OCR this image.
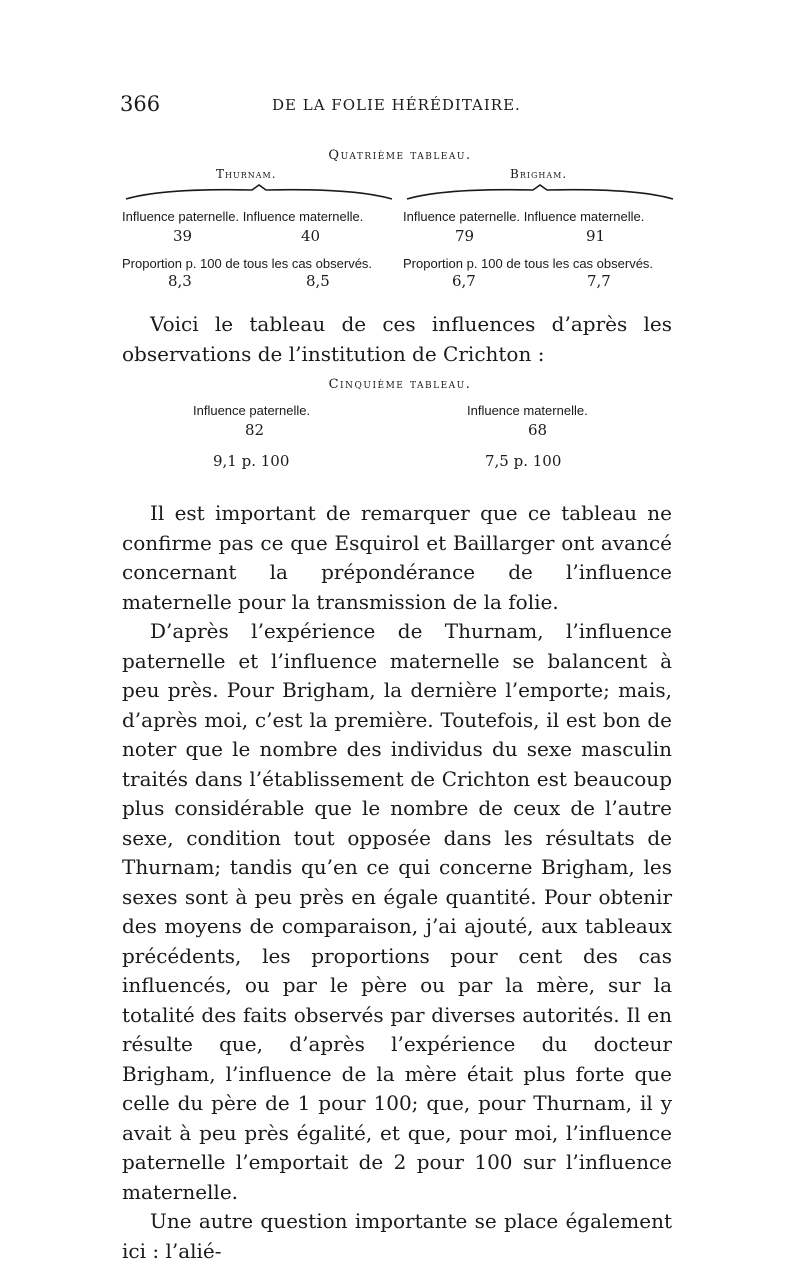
366	DE LA FOLIE HÉRÉDITAIRE.
Quatrième tableau.
Thurnam.	Brigham.
Influence paternelle. Influence maternelle.	Influence paternelle. Influence maternelle.
39	40	79	91
Proportion p. 100 de tous les cas observés. Proportion p. 100 de tous les cas observés.
8,3	8,5	6,7	7,7

Voici le tableau de ces influences d’après les observations de l’institution de Crichton :

Cinquième tableau.
Influence paternelle.	Influence maternelle.
82	68
9,1 p. 100	7,5 p. 100

Il est important de remarquer que ce tableau ne confirme pas ce que Esquirol et Baillarger ont avancé concernant la prépondérance de l’influence maternelle pour la transmission de la folie.

D’après l’expérience de Thurnam, l’influence paternelle et l’influence maternelle se balancent à peu près. Pour Brigham, la dernière l’emporte; mais, d’après moi, c’est la première. Toutefois, il est bon de noter que le nombre des individus du sexe masculin traités dans l’établissement de Crichton est beaucoup plus considérable que le nombre de ceux de l’autre sexe, condition tout opposée dans les résultats de Thurnam; tandis qu’en ce qui concerne Brigham, les sexes sont à peu près en égale quantité. Pour obtenir des moyens de comparaison, j’ai ajouté, aux tableaux précédents, les proportions pour cent des cas influencés, ou par le père ou par la mère, sur la totalité des faits observés par diverses autorités. Il en résulte que, d’après l’expérience du docteur Brigham, l’influence de la mère était plus forte que celle du père de 1 pour 100; que, pour Thurnam, il y avait à peu près égalité, et que, pour moi, l’influence paternelle l’emportait de 2 pour 100 sur l’influence maternelle.

Une autre question importante se place également ici : l’alié-
